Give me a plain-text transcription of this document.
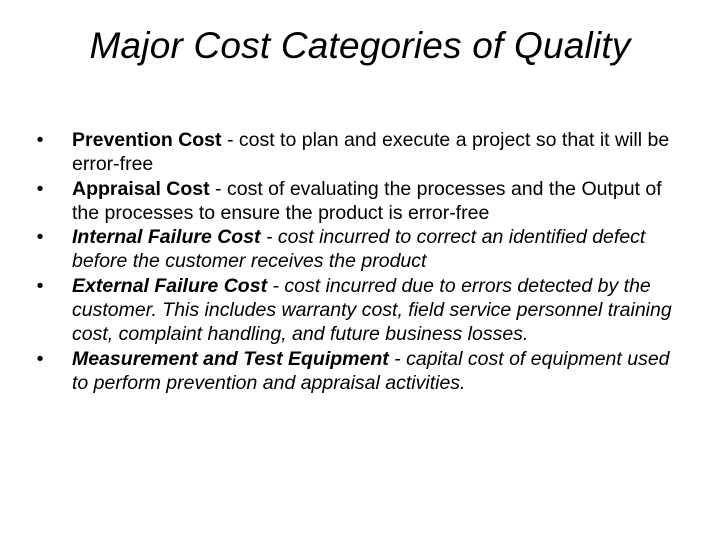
Major Cost Categories of Quality
•	Prevention Cost - cost to plan and execute a project so that it will be error-free
•	Appraisal Cost - cost of evaluating the processes and the Output of the processes to ensure the product is error-free
•	Internal Failure Cost - cost incurred to correct an identified defect before the customer receives the product
•	External Failure Cost - cost incurred due to errors detected by the customer. This includes warranty cost, field service personnel training cost, complaint handling, and future business losses.
•	Measurement and Test Equipment - capital cost of equipment used to perform prevention and appraisal activities.
